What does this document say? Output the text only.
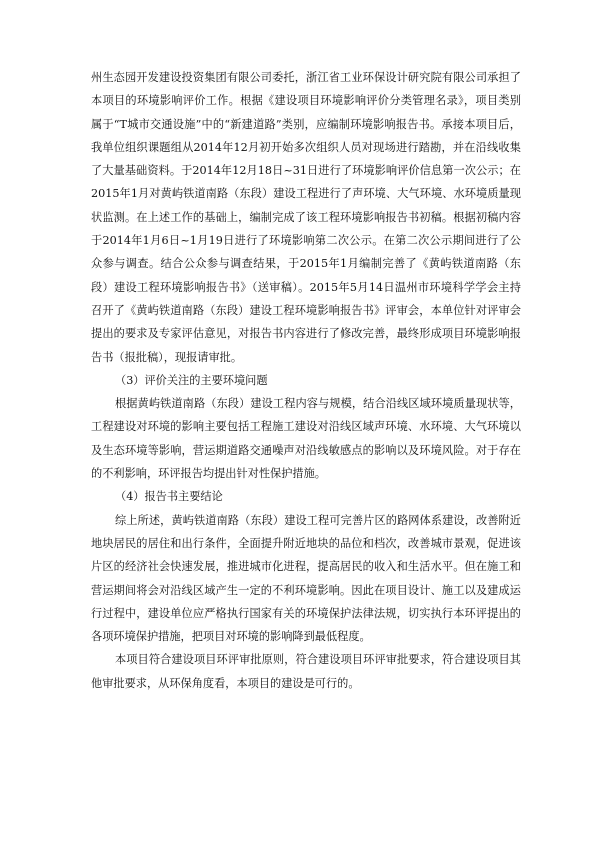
州生态园开发建设投资集团有限公司委托，浙江省工业环保设计研究院有限公司承担了本项目的环境影响评价工作。根据《建设项目环境影响评价分类管理名录》，项目类别属于“T城市交通设施”中的“新建道路”类别，应编制环境影响报告书。承接本项目后，我单位组织课题组从2014年12月初开始多次组织人员对现场进行踏勘，并在沿线收集了大量基础资料。于2014年12月18日~31日进行了环境影响评价信息第一次公示；在2015年1月对黄屿铁道南路（东段）建设工程进行了声环境、大气环境、水环境质量现状监测。在上述工作的基础上，编制完成了该工程环境影响报告书初稿。根据初稿内容于2014年1月6日~1月19日进行了环境影响第二次公示。在第二次公示期间进行了公众参与调查。结合公众参与调查结果，于2015年1月编制完善了《黄屿铁道南路（东段）建设工程环境影响报告书》（送审稿）。2015年5月14日温州市环境科学学会主持召开了《黄屿铁道南路（东段）建设工程环境影响报告书》评审会，本单位针对评审会提出的要求及专家评估意见，对报告书内容进行了修改完善，最终形成项目环境影响报告书（报批稿），现报请审批。

（3）评价关注的主要环境问题

根据黄屿铁道南路（东段）建设工程内容与规模，结合沿线区域环境质量现状等，工程建设对环境的影响主要包括工程施工建设对沿线区域声环境、水环境、大气环境以及生态环境等影响，营运期道路交通噪声对沿线敏感点的影响以及环境风险。对于存在的不利影响，环评报告均提出针对性保护措施。

（4）报告书主要结论

综上所述，黄屿铁道南路（东段）建设工程可完善片区的路网体系建设，改善附近地块居民的居住和出行条件，全面提升附近地块的品位和档次，改善城市景观，促进该片区的经济社会快速发展，推进城市化进程，提高居民的收入和生活水平。但在施工和营运期间将会对沿线区域产生一定的不利环境影响。因此在项目设计、施工以及建成运行过程中，建设单位应严格执行国家有关的环境保护法律法规，切实执行本环评提出的各项环境保护措施，把项目对环境的影响降到最低程度。

本项目符合建设项目环评审批原则，符合建设项目环评审批要求，符合建设项目其他审批要求，从环保角度看，本项目的建设是可行的。
